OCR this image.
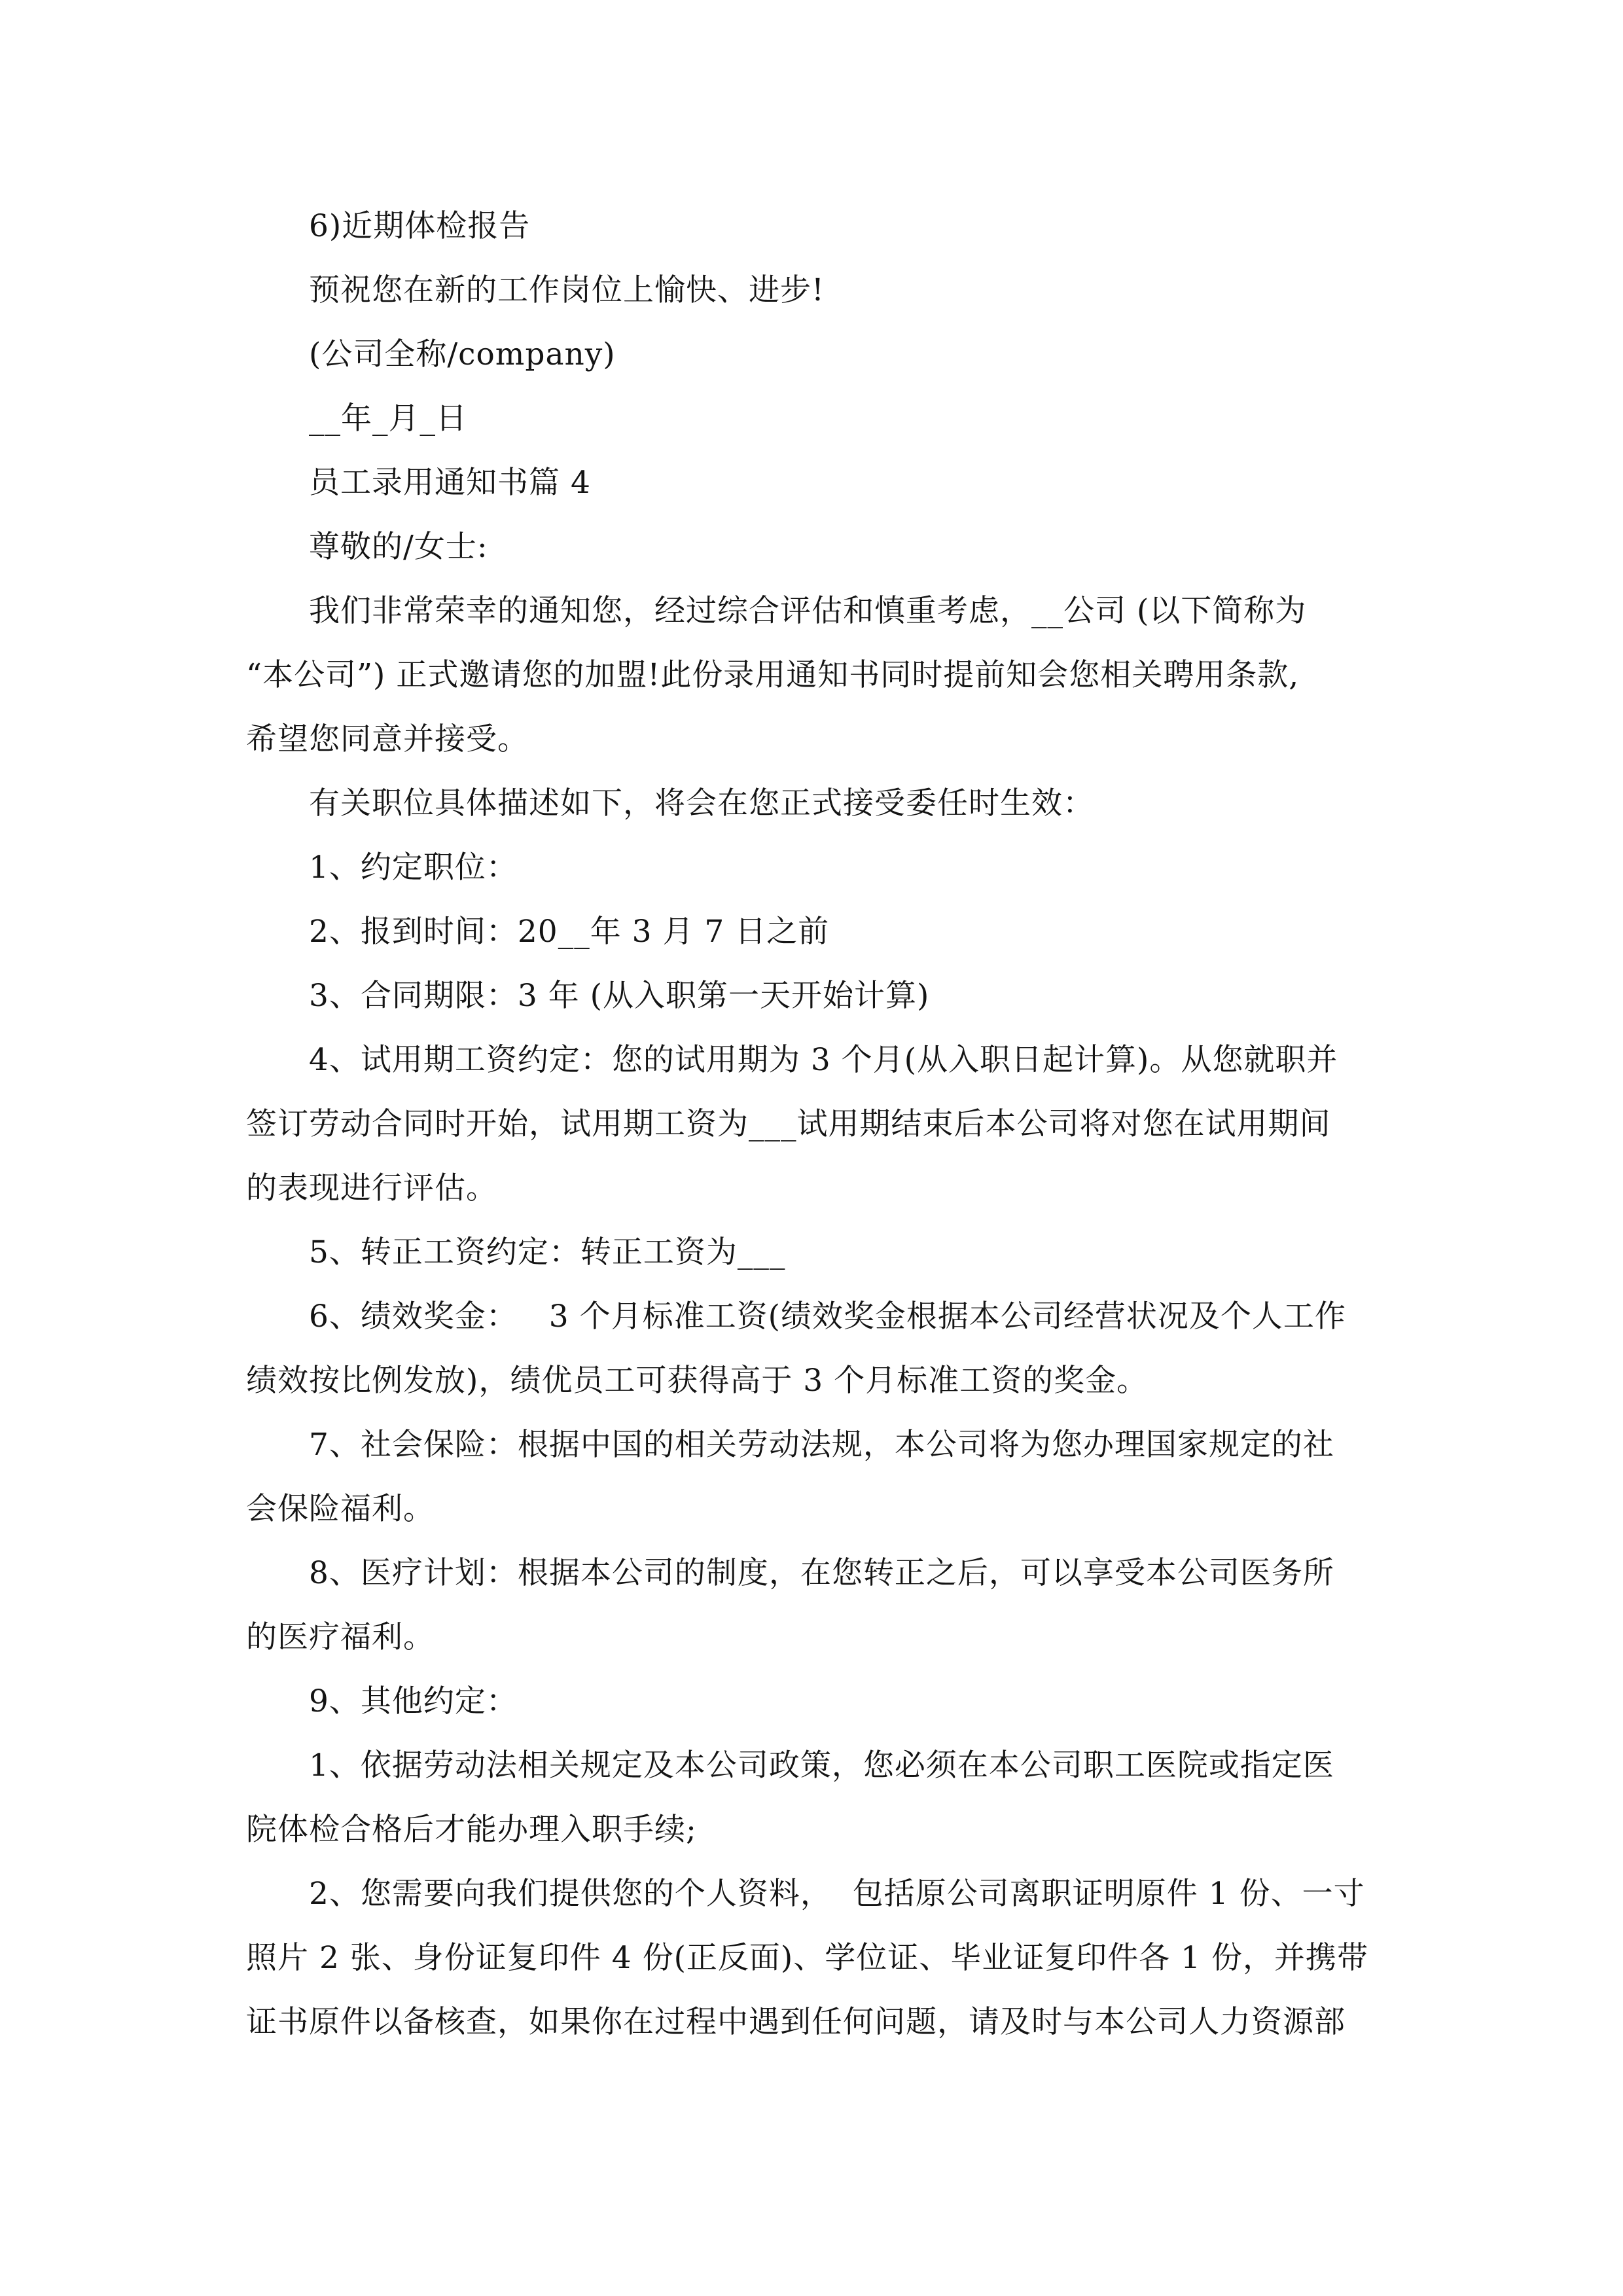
6)近期体检报告
预祝您在新的工作岗位上愉快、进步!
(公司全称/company)
__年_月_日
员工录用通知书篇 4
尊敬的/女士:
我们非常荣幸的通知您，经过综合评估和慎重考虑，__公司 (以下简称为
“本公司”) 正式邀请您的加盟!此份录用通知书同时提前知会您相关聘用条款,
希望您同意并接受。
有关职位具体描述如下，将会在您正式接受委任时生效：
1、约定职位：
2、报到时间：20__年 3 月 7 日之前
3、合同期限：3 年 (从入职第一天开始计算)
4、试用期工资约定：您的试用期为 3 个月(从入职日起计算)。从您就职并
签订劳动合同时开始，试用期工资为___试用期结束后本公司将对您在试用期间
的表现进行评估。
5、转正工资约定：转正工资为___
6、绩效奖金：   3 个月标准工资(绩效奖金根据本公司经营状况及个人工作
绩效按比例发放)，绩优员工可获得高于 3 个月标准工资的奖金。
7、社会保险：根据中国的相关劳动法规，本公司将为您办理国家规定的社
会保险福利。
8、医疗计划：根据本公司的制度，在您转正之后，可以享受本公司医务所
的医疗福利。
9、其他约定：
1、依据劳动法相关规定及本公司政策，您必须在本公司职工医院或指定医
院体检合格后才能办理入职手续;
2、您需要向我们提供您的个人资料，  包括原公司离职证明原件 1 份、一寸
照片 2 张、身份证复印件 4 份(正反面)、学位证、毕业证复印件各 1 份，并携带
证书原件以备核查，如果你在过程中遇到任何问题，请及时与本公司人力资源部
